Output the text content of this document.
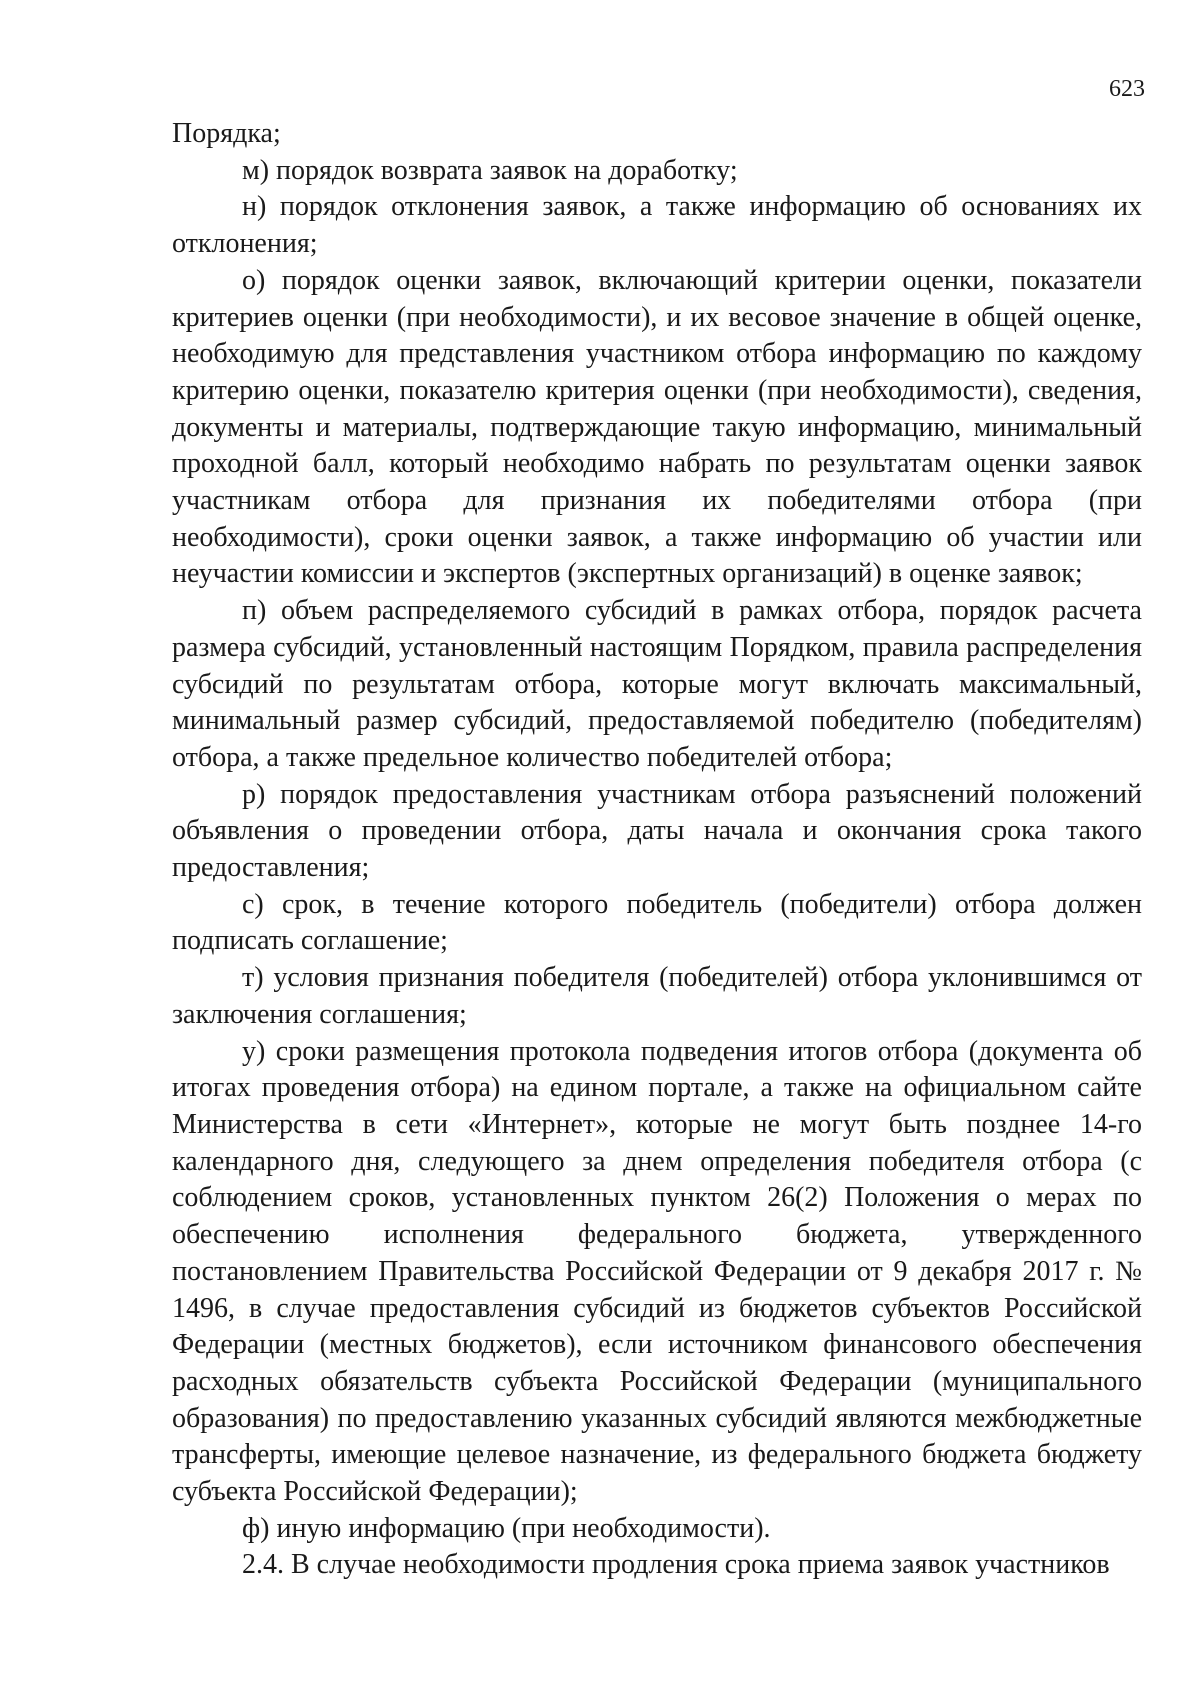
623

Порядка;

м) порядок возврата заявок на доработку;

н) порядок отклонения заявок, а также информацию об основаниях их отклонения;

о) порядок оценки заявок, включающий критерии оценки, показатели критериев оценки (при необходимости), и их весовое значение в общей оценке, необходимую для представления участником отбора информацию по каждому критерию оценки, показателю критерия оценки (при необходимости), сведения, документы и материалы, подтверждающие такую информацию, минимальный проходной балл, который необходимо набрать по результатам оценки заявок участникам отбора для признания их победителями отбора (при необходимости), сроки оценки заявок, а также информацию об участии или неучастии комиссии и экспертов (экспертных организаций) в оценке заявок;

п) объем распределяемого субсидий в рамках отбора, порядок расчета размера субсидий, установленный настоящим Порядком, правила распределения субсидий по результатам отбора, которые могут включать максимальный, минимальный размер субсидий, предоставляемой победителю (победителям) отбора, а также предельное количество победителей отбора;

р) порядок предоставления участникам отбора разъяснений положений объявления о проведении отбора, даты начала и окончания срока такого предоставления;

с) срок, в течение которого победитель (победители) отбора должен подписать соглашение;

т) условия признания победителя (победителей) отбора уклонившимся от заключения соглашения;

у) сроки размещения протокола подведения итогов отбора (документа об итогах проведения отбора) на едином портале, а также на официальном сайте Министерства в сети «Интернет», которые не могут быть позднее 14-го календарного дня, следующего за днем определения победителя отбора (с соблюдением сроков, установленных пунктом 26(2) Положения о мерах по обеспечению исполнения федерального бюджета, утвержденного постановлением Правительства Российской Федерации от 9 декабря 2017 г. № 1496, в случае предоставления субсидий из бюджетов субъектов Российской Федерации (местных бюджетов), если источником финансового обеспечения расходных обязательств субъекта Российской Федерации (муниципального образования) по предоставлению указанных субсидий являются межбюджетные трансферты, имеющие целевое назначение, из федерального бюджета бюджету субъекта Российской Федерации);

ф) иную информацию (при необходимости).

2.4. В случае необходимости продления срока приема заявок участников
